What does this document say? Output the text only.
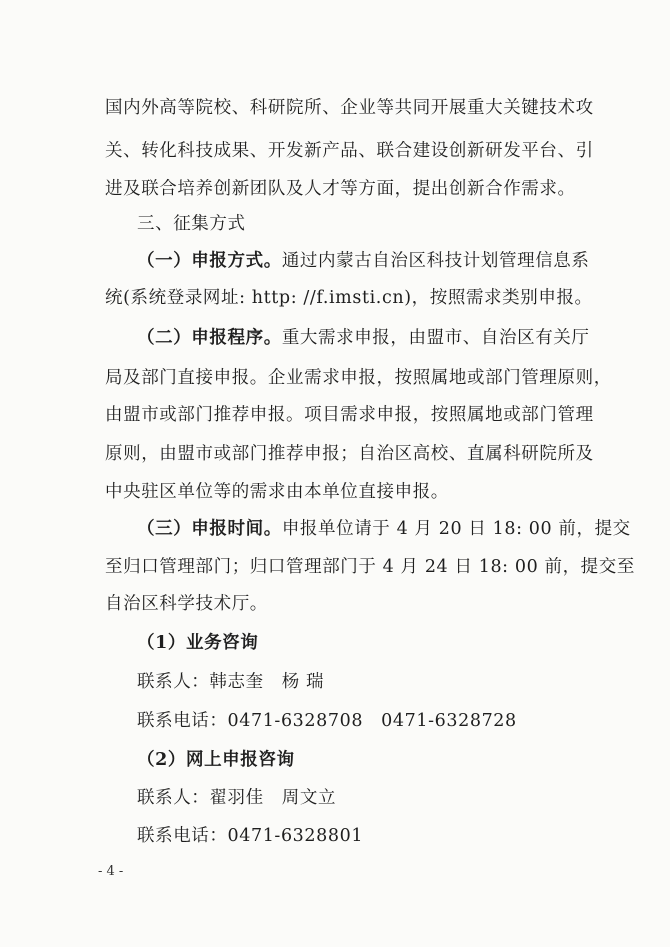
国内外高等院校、科研院所、企业等共同开展重大关键技术攻
关、转化科技成果、开发新产品、联合建设创新研发平台、引
进及联合培养创新团队及人才等方面，提出创新合作需求。
三、征集方式
（一）申报方式。通过内蒙古自治区科技计划管理信息系
统(系统登录网址: http: //f.imsti.cn)，按照需求类别申报。
（二）申报程序。重大需求申报，由盟市、自治区有关厅
局及部门直接申报。企业需求申报，按照属地或部门管理原则，
由盟市或部门推荐申报。项目需求申报，按照属地或部门管理
原则，由盟市或部门推荐申报；自治区高校、直属科研院所及
中央驻区单位等的需求由本单位直接申报。
（三）申报时间。申报单位请于 4 月 20 日 18: 00 前，提交
至归口管理部门；归口管理部门于 4 月 24 日 18: 00 前，提交至
自治区科学技术厅。
（1）业务咨询
联系人：韩志奎　杨 瑞
联系电话：0471-6328708　0471-6328728
（2）网上申报咨询
联系人：翟羽佳　周文立
联系电话：0471-6328801
- 4 -
